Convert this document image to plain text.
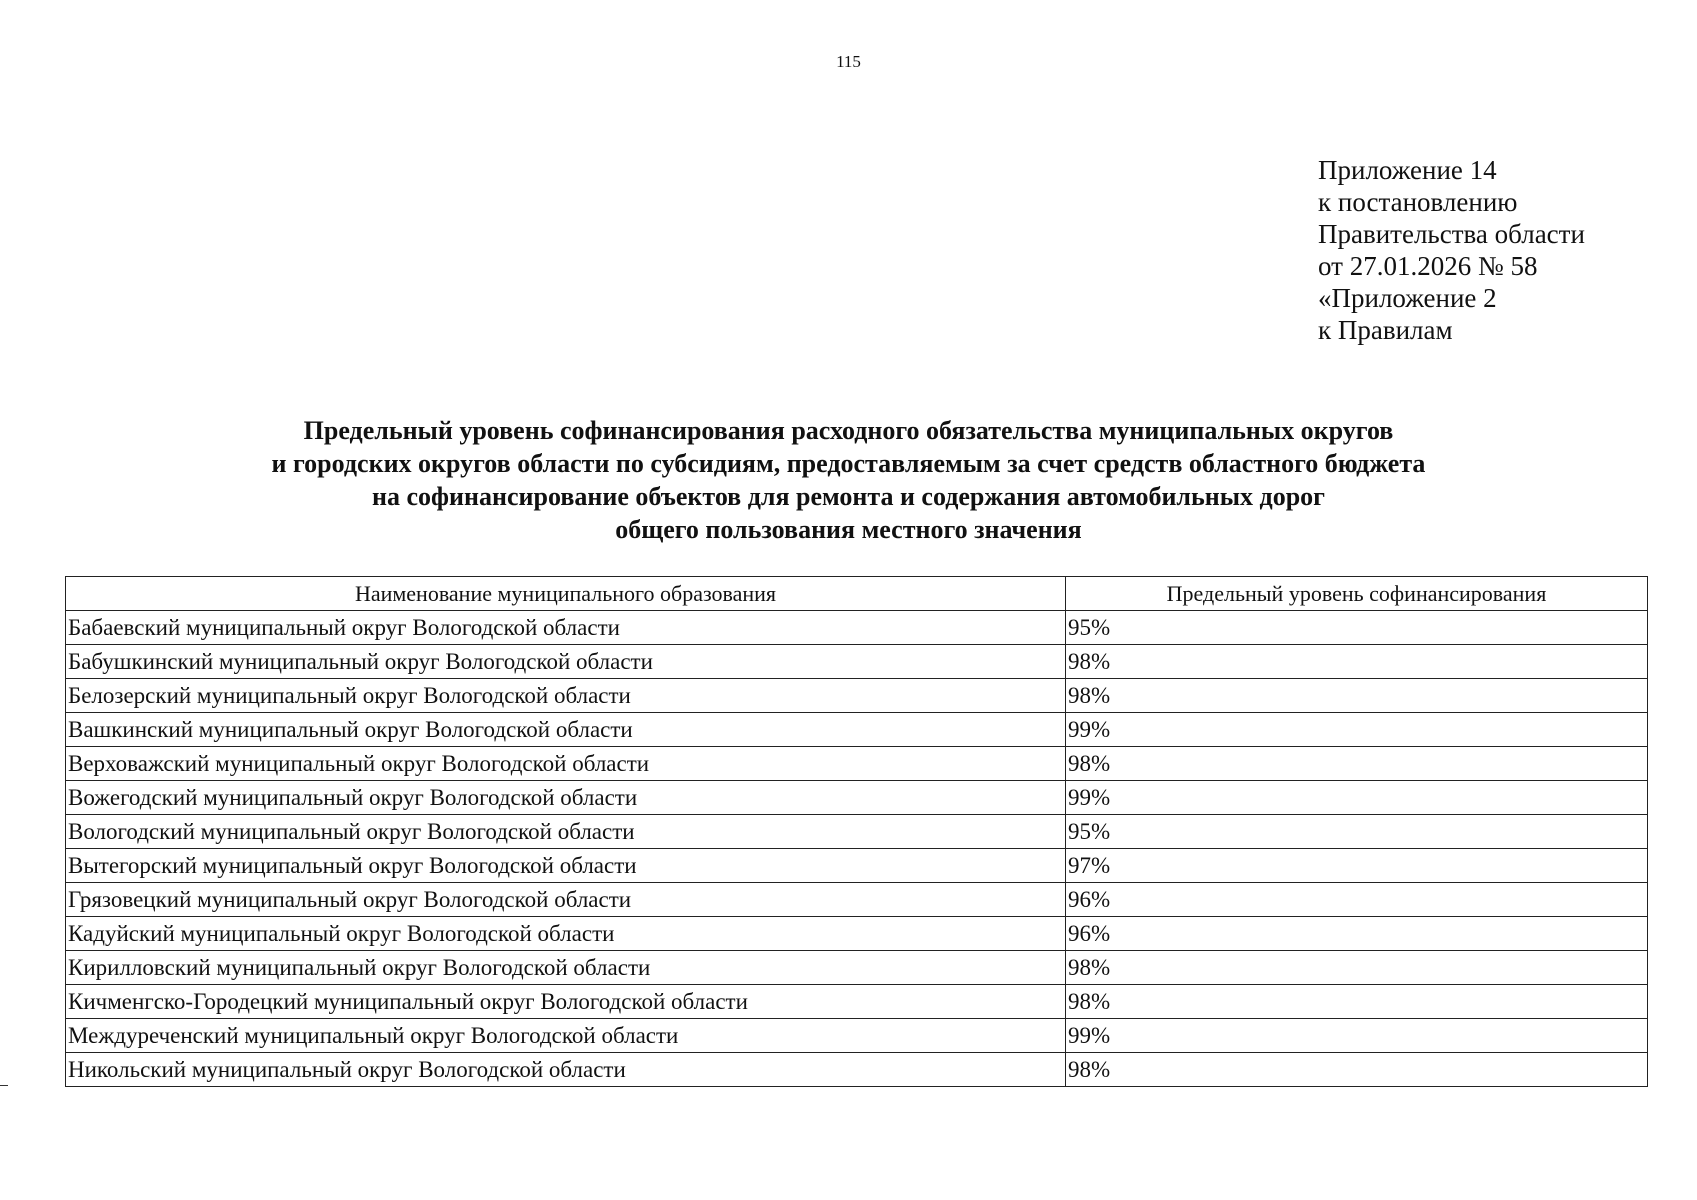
115
Приложение 14
к постановлению
Правительства области
от 27.01.2026 № 58
«Приложение 2
к Правилам
Предельный уровень софинансирования расходного обязательства муниципальных округов
и городских округов области по субсидиям, предоставляемым за счет средств областного бюджета
на софинансирование объектов для ремонта и содержания автомобильных дорог
общего пользования местного значения
Наименование муниципального образования	Предельный уровень софинансирования
Бабаевский муниципальный округ Вологодской области	95%
Бабушкинский муниципальный округ Вологодской области	98%
Белозерский муниципальный округ Вологодской области	98%
Вашкинский муниципальный округ Вологодской области	99%
Верховажский муниципальный округ Вологодской области	98%
Вожегодский муниципальный округ Вологодской области	99%
Вологодский муниципальный округ Вологодской области	95%
Вытегорский муниципальный округ Вологодской области	97%
Грязовецкий муниципальный округ Вологодской области	96%
Кадуйский муниципальный округ Вологодской области	96%
Кирилловский муниципальный округ Вологодской области	98%
Кичменгско-Городецкий муниципальный округ Вологодской области	98%
Междуреченский муниципальный округ Вологодской области	99%
Никольский муниципальный округ Вологодской области	98%
